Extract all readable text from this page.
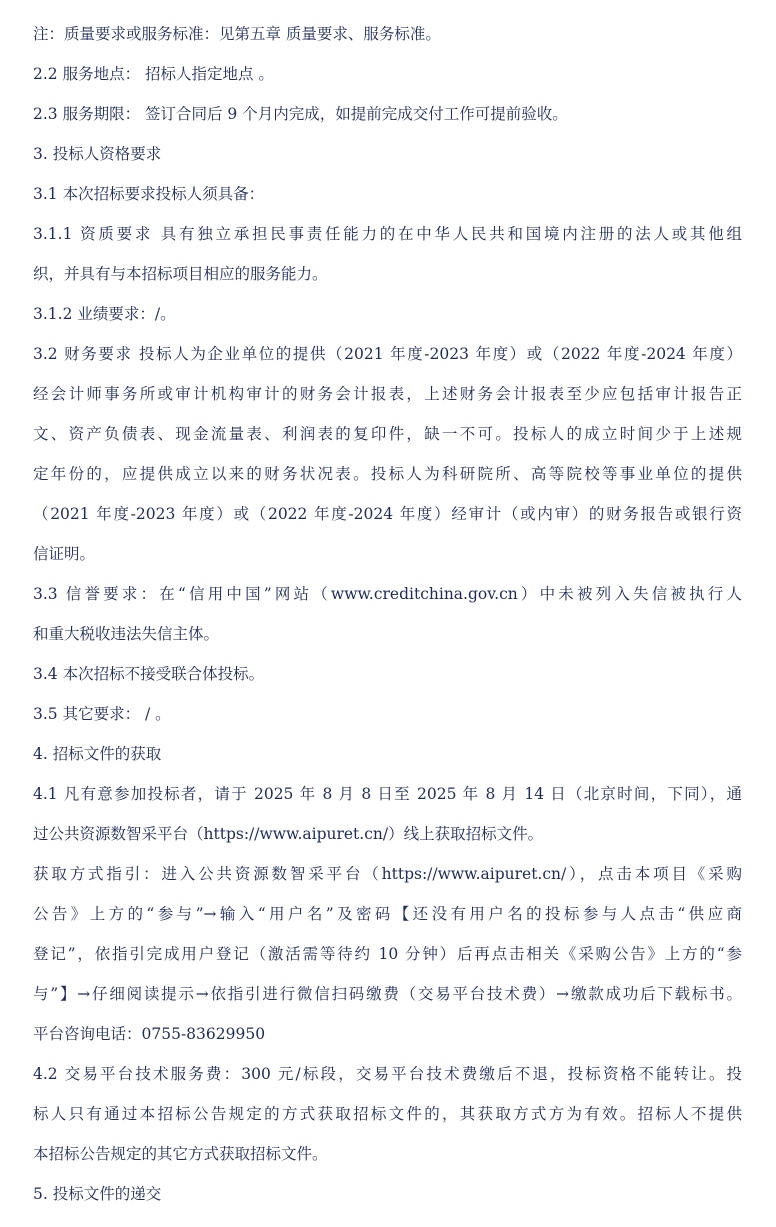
注：质量要求或服务标准：见第五章 质量要求、服务标准。
2.2 服务地点： 招标人指定地点 。
2.3 服务期限： 签订合同后 9 个月内完成，如提前完成交付工作可提前验收。
3. 投标人资格要求
3.1 本次招标要求投标人须具备：
3.1.1 资质要求 具有独立承担民事责任能力的在中华人民共和国境内注册的法人或其他组
织，并具有与本招标项目相应的服务能力。
3.1.2 业绩要求：/。
3.2 财务要求 投标人为企业单位的提供（2021 年度-2023 年度）或（2022 年度-2024 年度）
经会计师事务所或审计机构审计的财务会计报表，上述财务会计报表至少应包括审计报告正
文、资产负债表、现金流量表、利润表的复印件，缺一不可。投标人的成立时间少于上述规
定年份的，应提供成立以来的财务状况表。投标人为科研院所、高等院校等事业单位的提供
（2021 年度-2023 年度）或（2022 年度-2024 年度）经审计（或内审）的财务报告或银行资
信证明。
3.3 信誉要求：在“信用中国”网站（www.creditchina.gov.cn）中未被列入失信被执行人
和重大税收违法失信主体。
3.4 本次招标不接受联合体投标。
3.5 其它要求： / 。
4. 招标文件的获取
4.1 凡有意参加投标者，请于 2025 年 8 月 8 日至 2025 年 8 月 14 日（北京时间，下同），通
过公共资源数智采平台（https://www.aipuret.cn/）线上获取招标文件。
获取方式指引：进入公共资源数智采平台（https://www.aipuret.cn/），点击本项目《采购
公告》上方的“参与”→输入“用户名”及密码【还没有用户名的投标参与人点击“供应商
登记”，依指引完成用户登记（激活需等待约 10 分钟）后再点击相关《采购公告》上方的“参
与”】→仔细阅读提示→依指引进行微信扫码缴费（交易平台技术费）→缴款成功后下载标书。
平台咨询电话：0755-83629950
4.2 交易平台技术服务费：300 元/标段，交易平台技术费缴后不退，投标资格不能转让。投
标人只有通过本招标公告规定的方式获取招标文件的，其获取方式方为有效。招标人不提供
本招标公告规定的其它方式获取招标文件。
5. 投标文件的递交
